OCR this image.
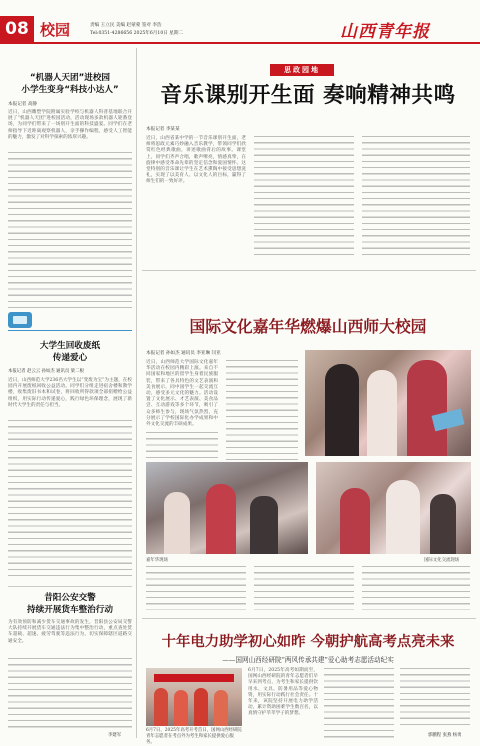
08 校园	责编 王立民 美编 赵蒙蒙 签对 李浩
Tel:0351-4286656 2025年6月10日 星期二	山西青年报
“机器人天团”进校园
小学生变身“科技小达人”
本报记者 高静
近日，山西雕塑学院附属实验学校与机器人科普基地联合开展了“机器人天团”进校园活动，活动现场多款机器人轮番登场，为同学们带来了一场别开生面的科技盛宴。同学们在老师指导下近距离观察机器人，亲手操作编程，感受人工智能的魅力，激发了对科学探索的浓厚兴趣。
大学生回收废纸
传递爱心
本报记者 赵云云 孙如杰 通讯员 梁二根
近日，山西师范大学236名大学生以“变废为宝”为主题，在校园内开展废纸回收公益活动。同学们分组走进宿舍楼和教学楼，收集废旧书本和试卷，将回收所得款项全部捐赠给公益组织，用实际行动传递爱心，践行绿色环保理念，展现了新时代大学生的责任与担当。
昔阳公安交警
持续开展货车整治行动
为有效预防和减少货车交通事故的发生，昔阳县公安局交警大队持续开展货车交通违法行为集中整治行动，重点查处货车超载、超速、疲劳驾驶等违法行为，切实保障辖区道路交通安全。
李建军
思政园地
音乐课别开生面 奏响精神共鸣
本报记者 李某某
近日，山西省某中学的一节音乐课别开生面，老师将思政元素巧妙融入音乐教学，带领同学们欣赏红色经典歌曲，讲述歌曲背后的故事。课堂上，同学们齐声合唱，歌声嘹亮，情感真挚，在旋律中感受革命先辈的坚定信念和爱国情怀。这堂特别的音乐课让学生在艺术熏陶中接受思想洗礼，实现了以美育人、以文化人的目标，赢得了师生们的一致好评。
国际文化嘉年华燃爆山西师大校园
本报记者 孙如杰 通讯员 李亚琳 闫亚
近日，山西师范大学国际文化嘉年华活动在校园内精彩上演。来自不同国家和地区的留学生身着民族服装，带来了各具特色的文艺表演和美食展示，同中国学生一起交流互动，感受多元文化的魅力。活动设置了文化展示、才艺表演、美食品尝、互动游戏等多个环节，吸引了众多师生参与，现场气氛热烈，充分展示了学校国际化办学成果和中外文化交流的丰硕成果。
嘉年华现场	国际文化交流现场
十年电力助学初心如昨 今朝护航高考点亮未来
——国网山西经研院“两风传承共建”爱心助考志愿活动纪实
6月7日，2025年高考开考首日，国网山西经研院青年志愿者在考点外为考生和家长提供爱心服务。
6月7日，2025年高考如期而至，国网山西经研院的青年志愿者们早早来到考点，为考生和家长提供饮用水、文具、防暑用品等爱心物资，用实际行动践行社会责任。十年来，该院坚持开展电力助学活动，累计资助困难学生数百名，以真情守护莘莘学子的梦想。
郭鹏程 张燕 杨勇
